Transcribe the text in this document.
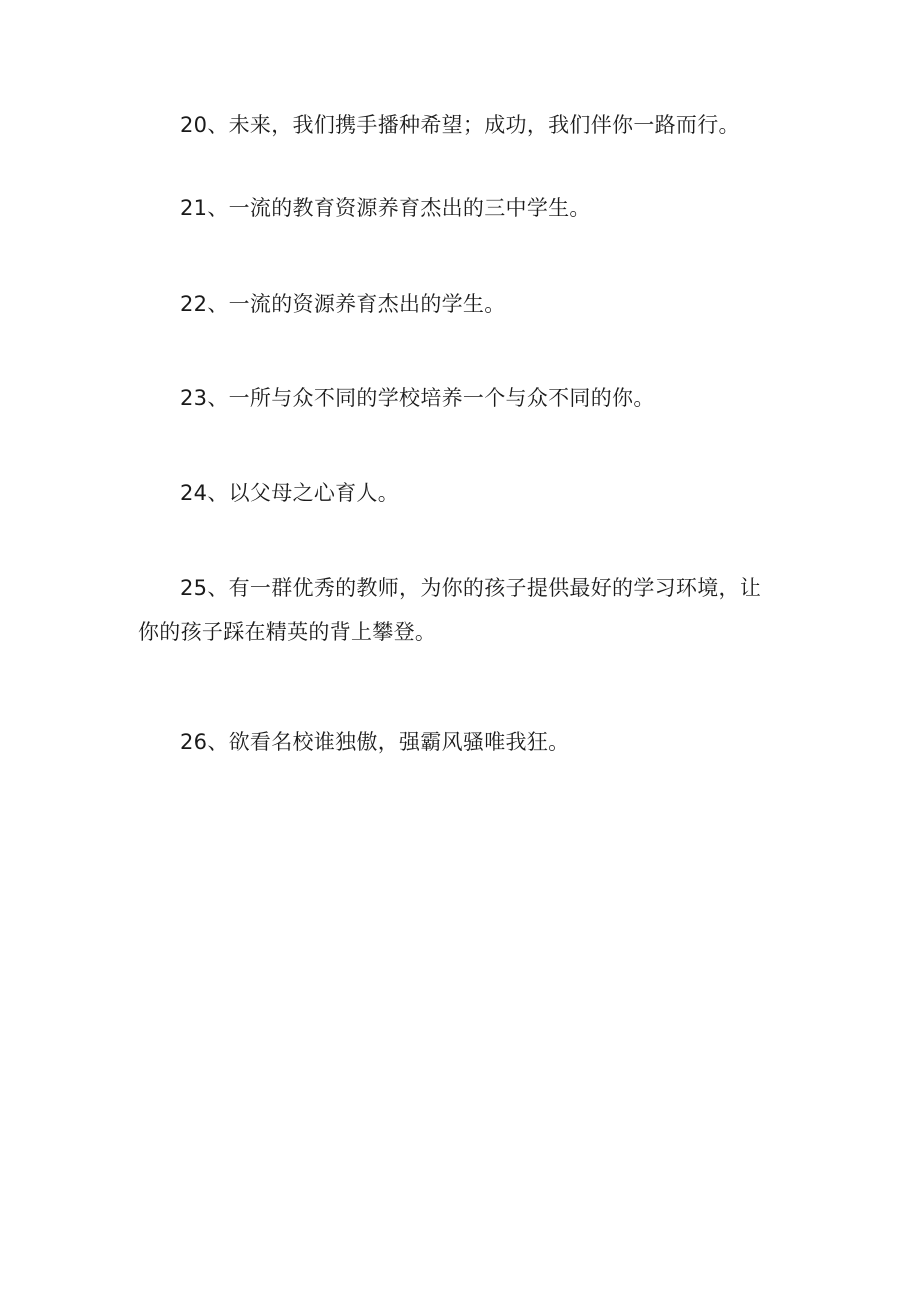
20、未来，我们携手播种希望；成功，我们伴你一路而行。

21、一流的教育资源养育杰出的三中学生。

22、一流的资源养育杰出的学生。

23、一所与众不同的学校培养一个与众不同的你。

24、以父母之心育人。

25、有一群优秀的教师，为你的孩子提供最好的学习环境，让你的孩子踩在精英的背上攀登。

26、欲看名校谁独傲，强霸风骚唯我狂。
